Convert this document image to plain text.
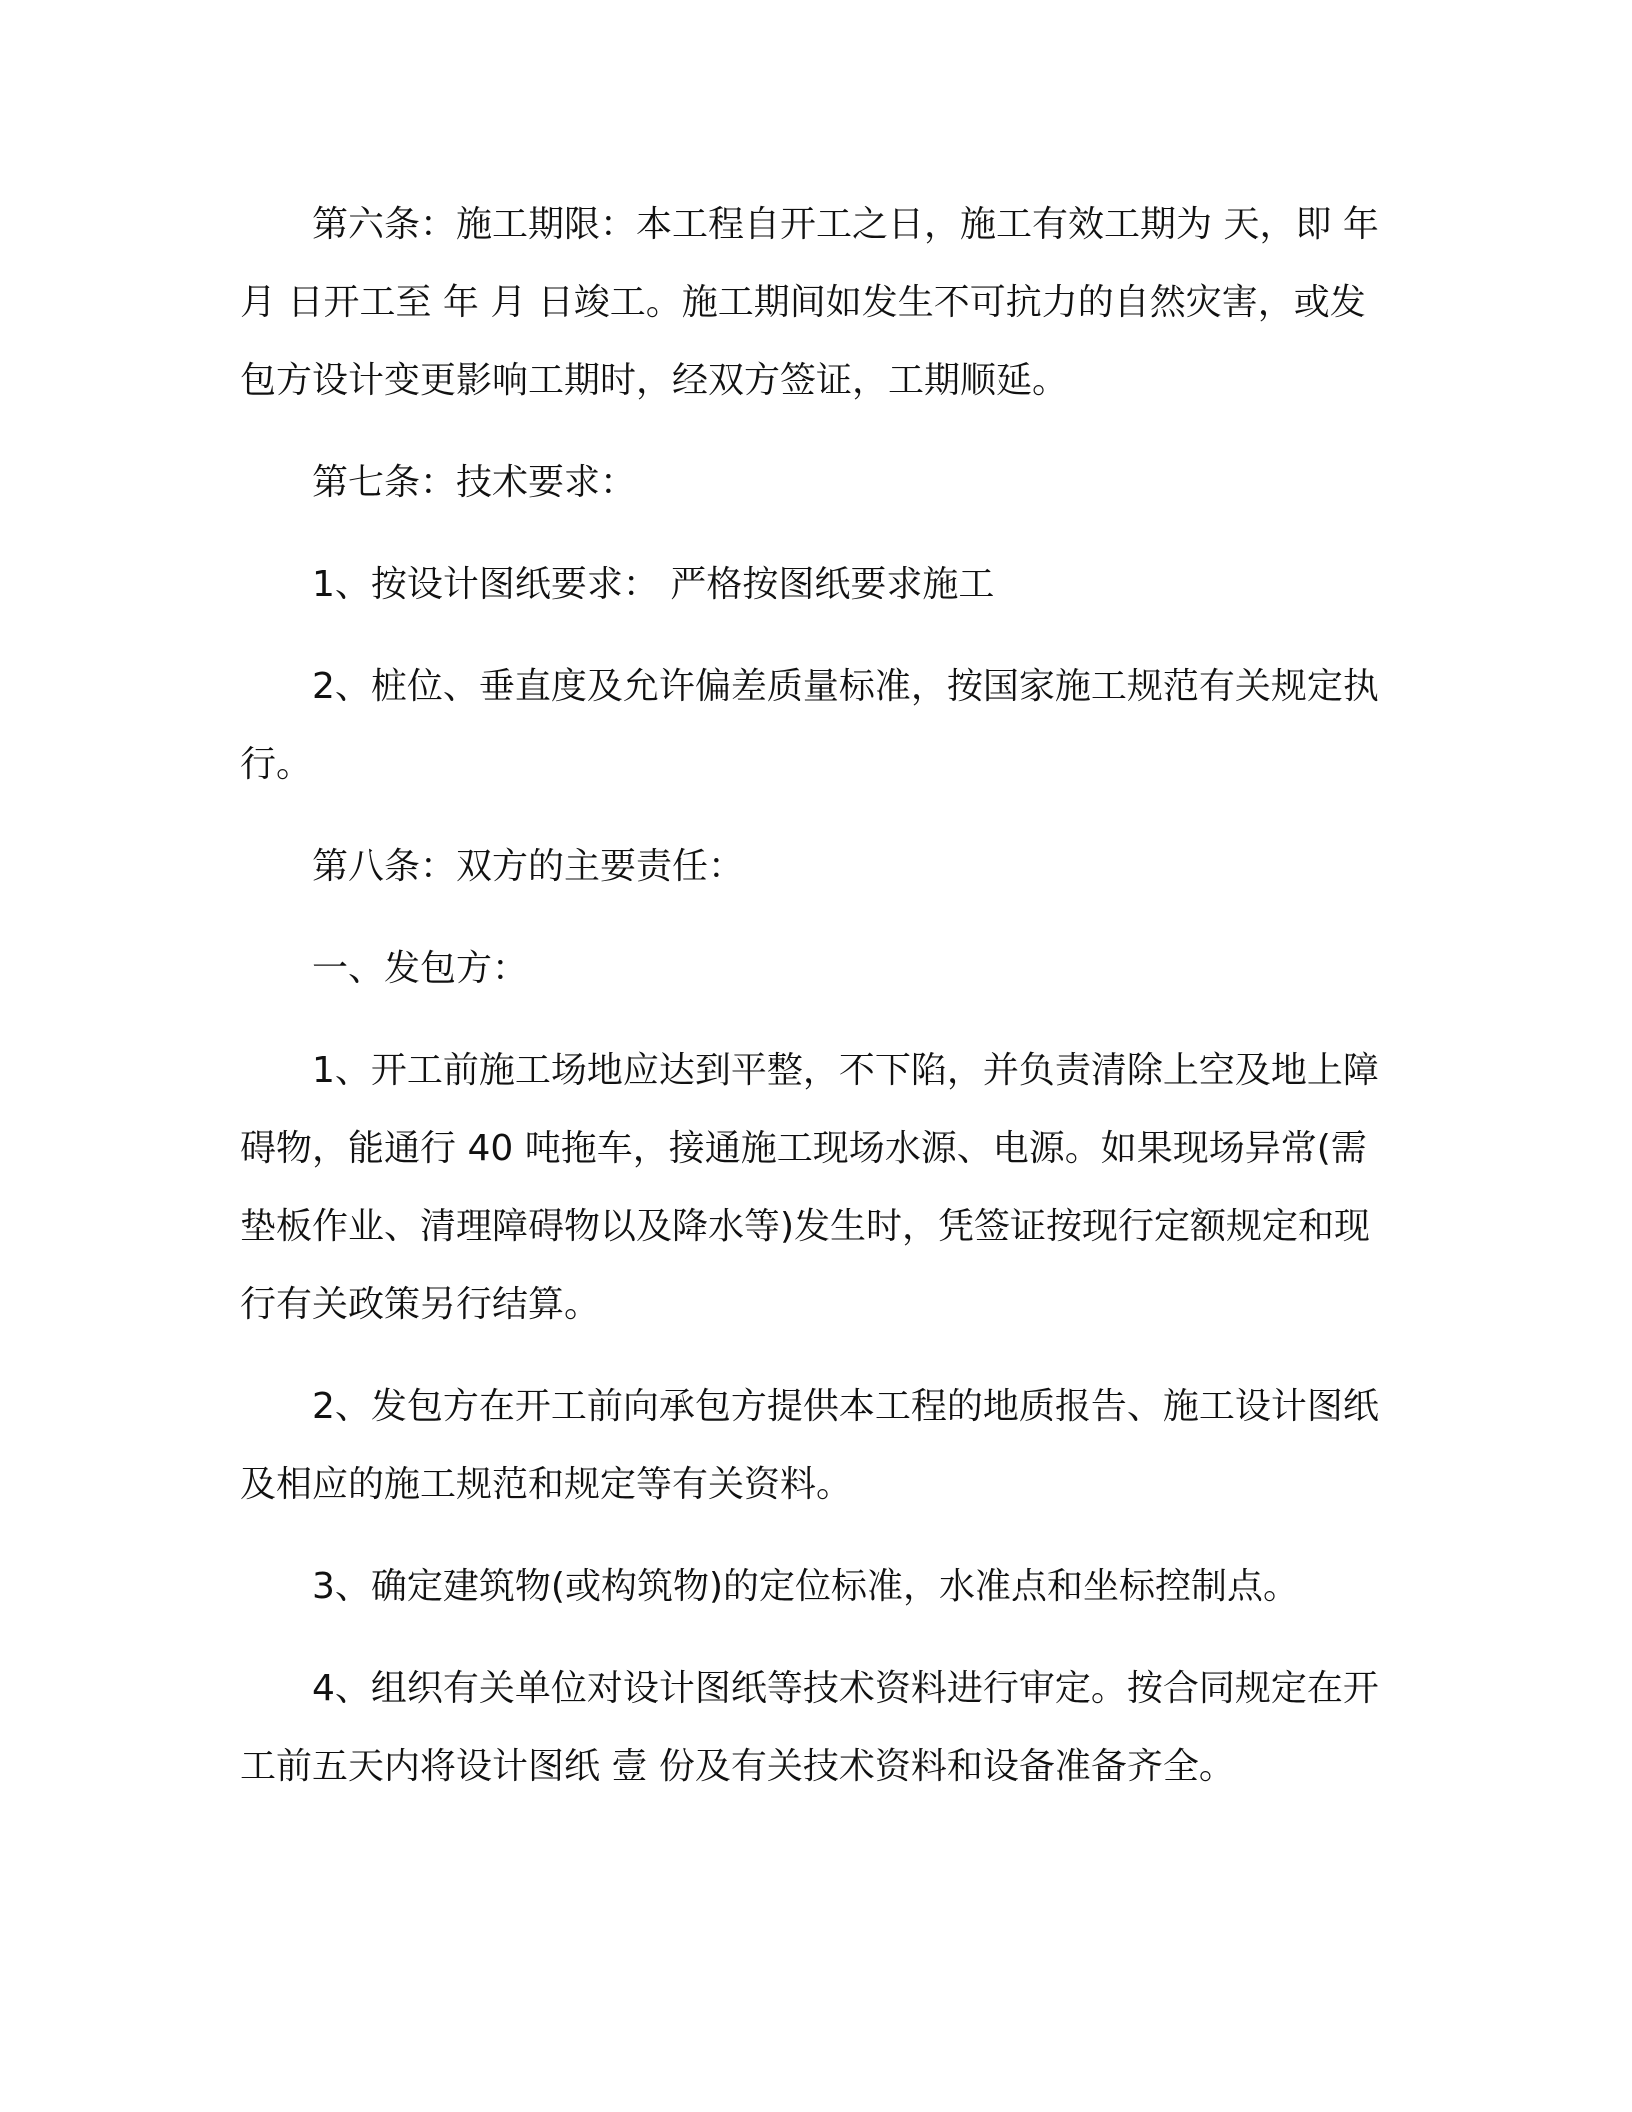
第六条：施工期限：本工程自开工之日，施工有效工期为 天，即 年 月 日开工至 年 月 日竣工。施工期间如发生不可抗力的自然灾害，或发包方设计变更影响工期时，经双方签证，工期顺延。

第七条：技术要求：

1、按设计图纸要求： 严格按图纸要求施工

2、桩位、垂直度及允许偏差质量标准，按国家施工规范有关规定执行。

第八条：双方的主要责任：

一、发包方：

1、开工前施工场地应达到平整，不下陷，并负责清除上空及地上障碍物，能通行 40 吨拖车，接通施工现场水源、电源。如果现场异常(需垫板作业、清理障碍物以及降水等)发生时，凭签证按现行定额规定和现行有关政策另行结算。

2、发包方在开工前向承包方提供本工程的地质报告、施工设计图纸及相应的施工规范和规定等有关资料。

3、确定建筑物(或构筑物)的定位标准，水准点和坐标控制点。

4、组织有关单位对设计图纸等技术资料进行审定。按合同规定在开工前五天内将设计图纸 壹 份及有关技术资料和设备准备齐全。
